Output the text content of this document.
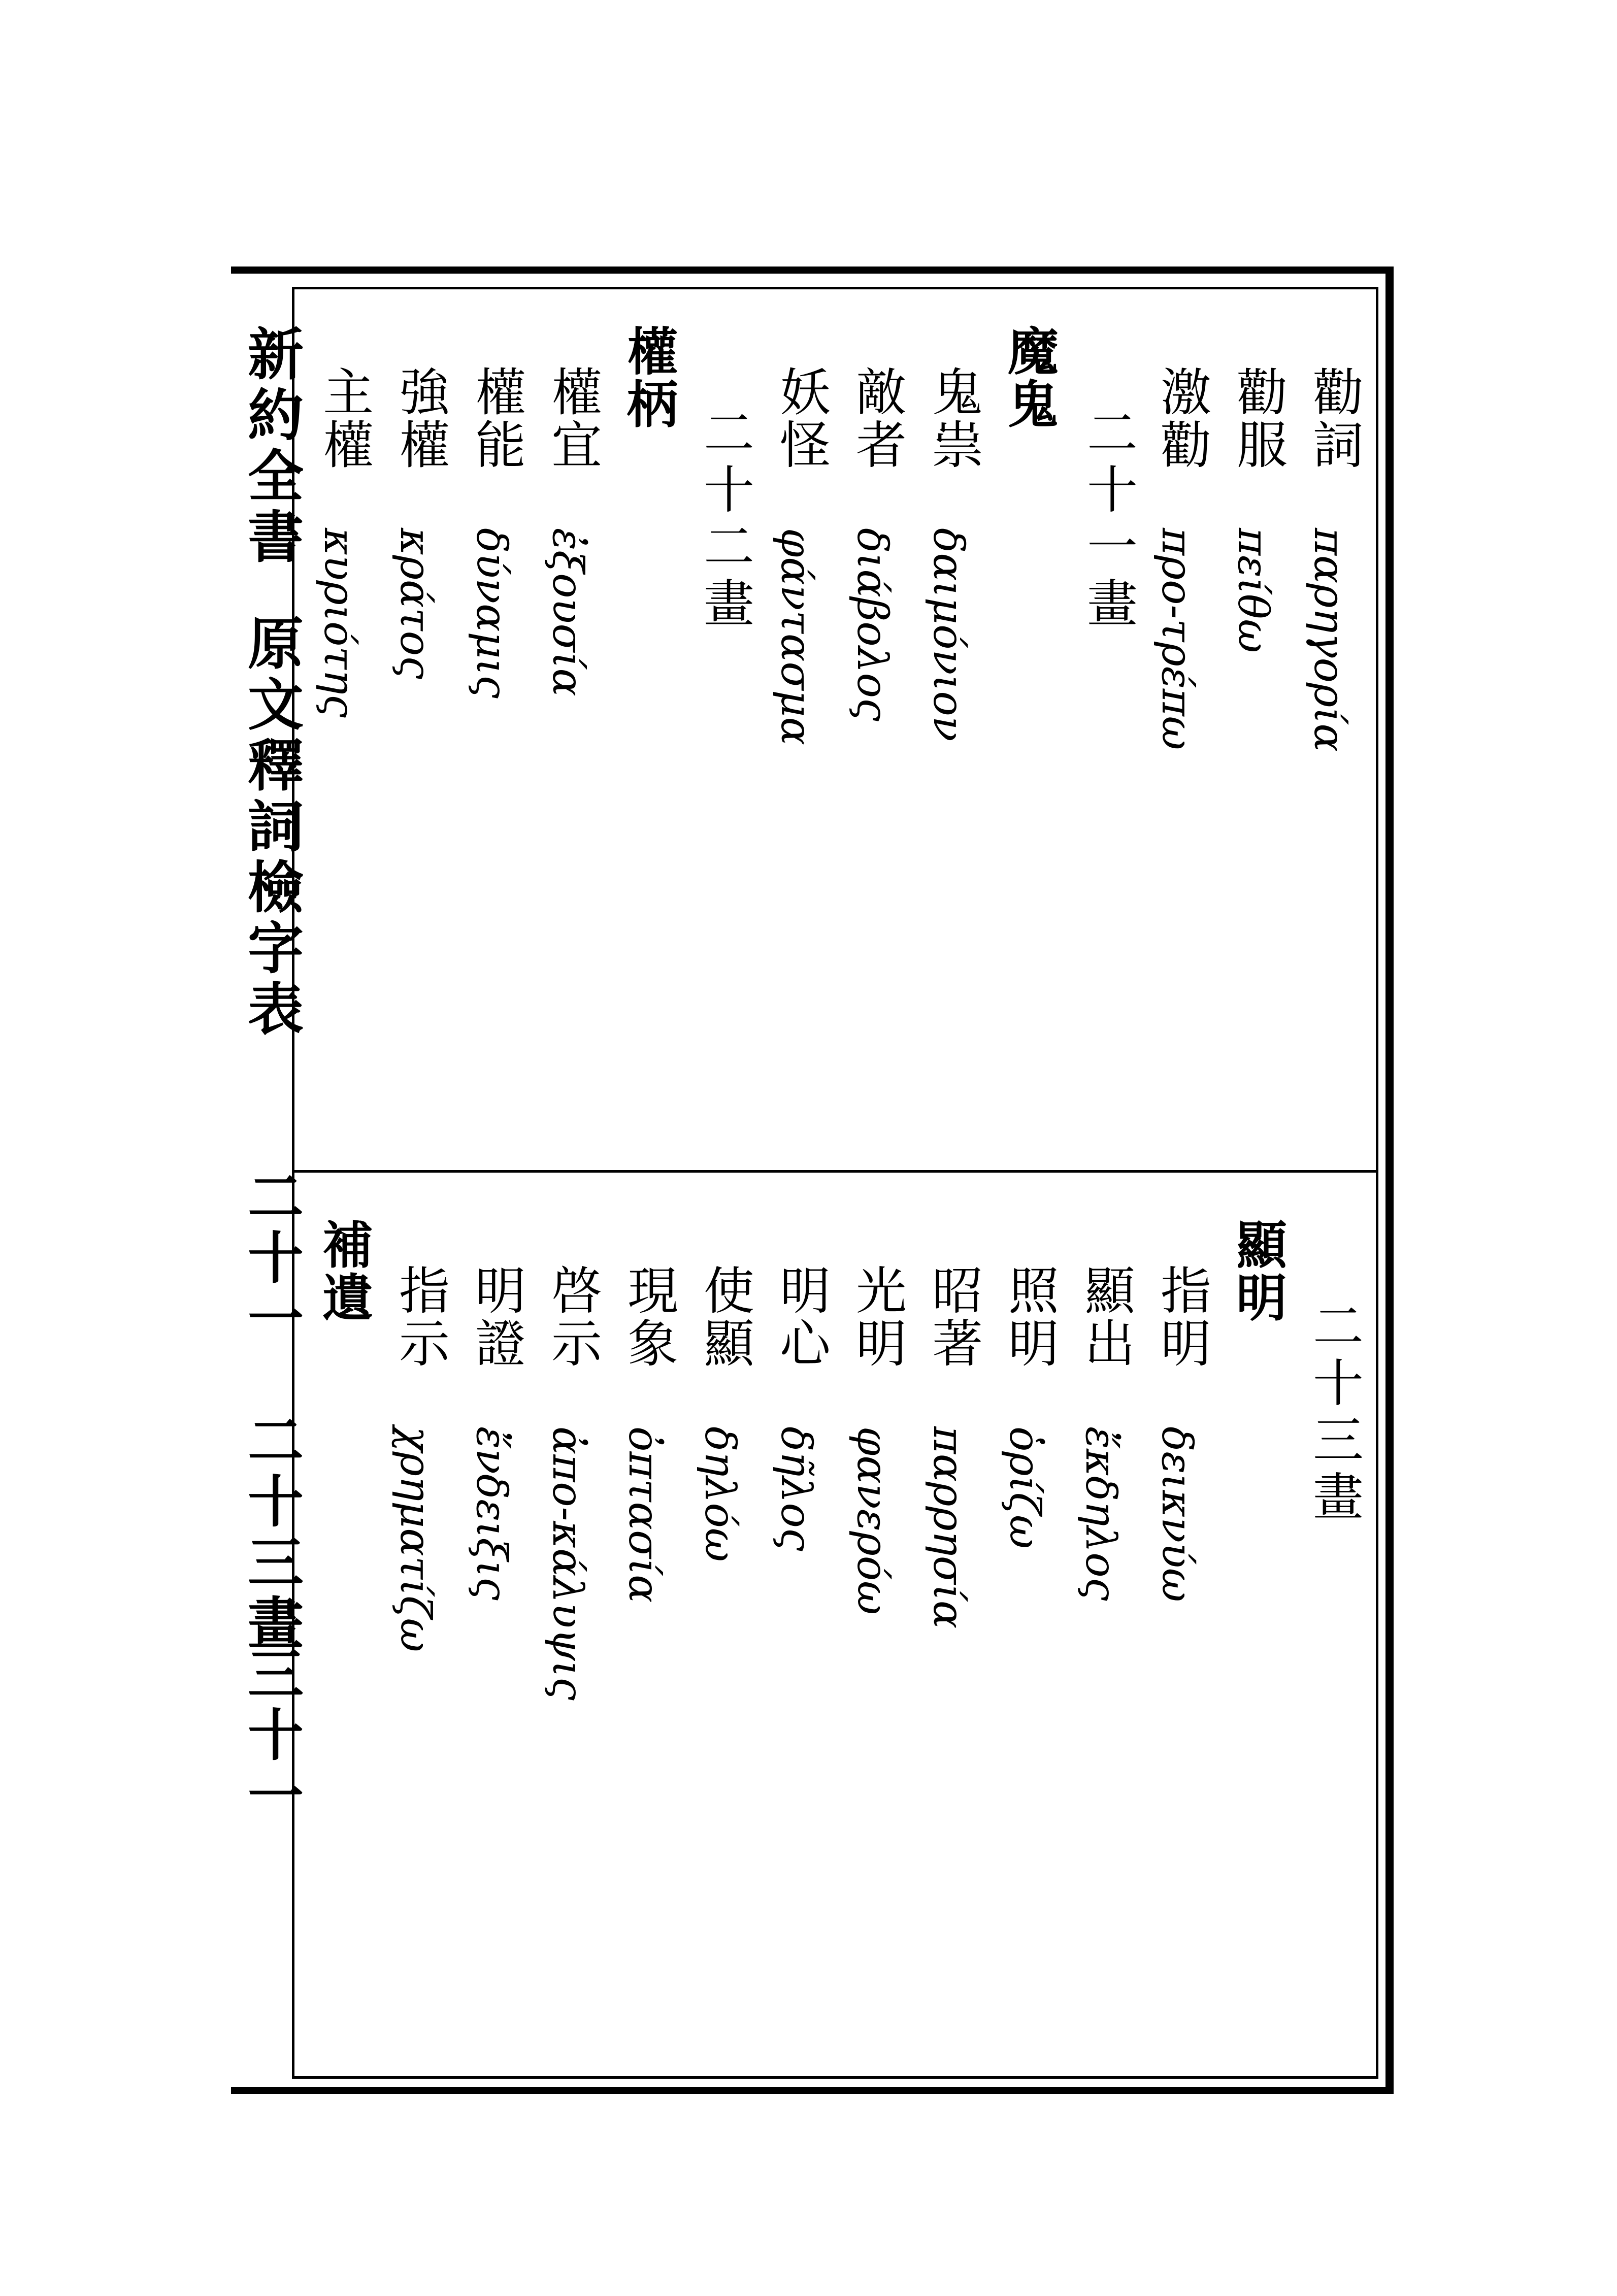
新約全書
原文釋詞檢字表
二十一　二十三畫
三十一
勸詞
παρηγορία
勸服
πείθω
激勸
προ-τρέπω
二十一畫
魔鬼
鬼祟
δαιμόνιον
敵者
διάβολος
妖怪
φάντασμα
二十二畫
權柄
權宜
ἐξουσία
權能
δύναμις
強權
κράτος
主權
κυριότης
二十三畫
顯明
指明
δεικνύω
顯出
ἔκδηλος
照明
ὁρίζω
昭著
παρρησία
光明
φανερόω
明心
δῆλος
使顯
δηλόω
現象
ὀπτασία
啓示
ἀπο-κάλυψις
明證
ἔνδειξις
指示
χρηματίζω
補遺
